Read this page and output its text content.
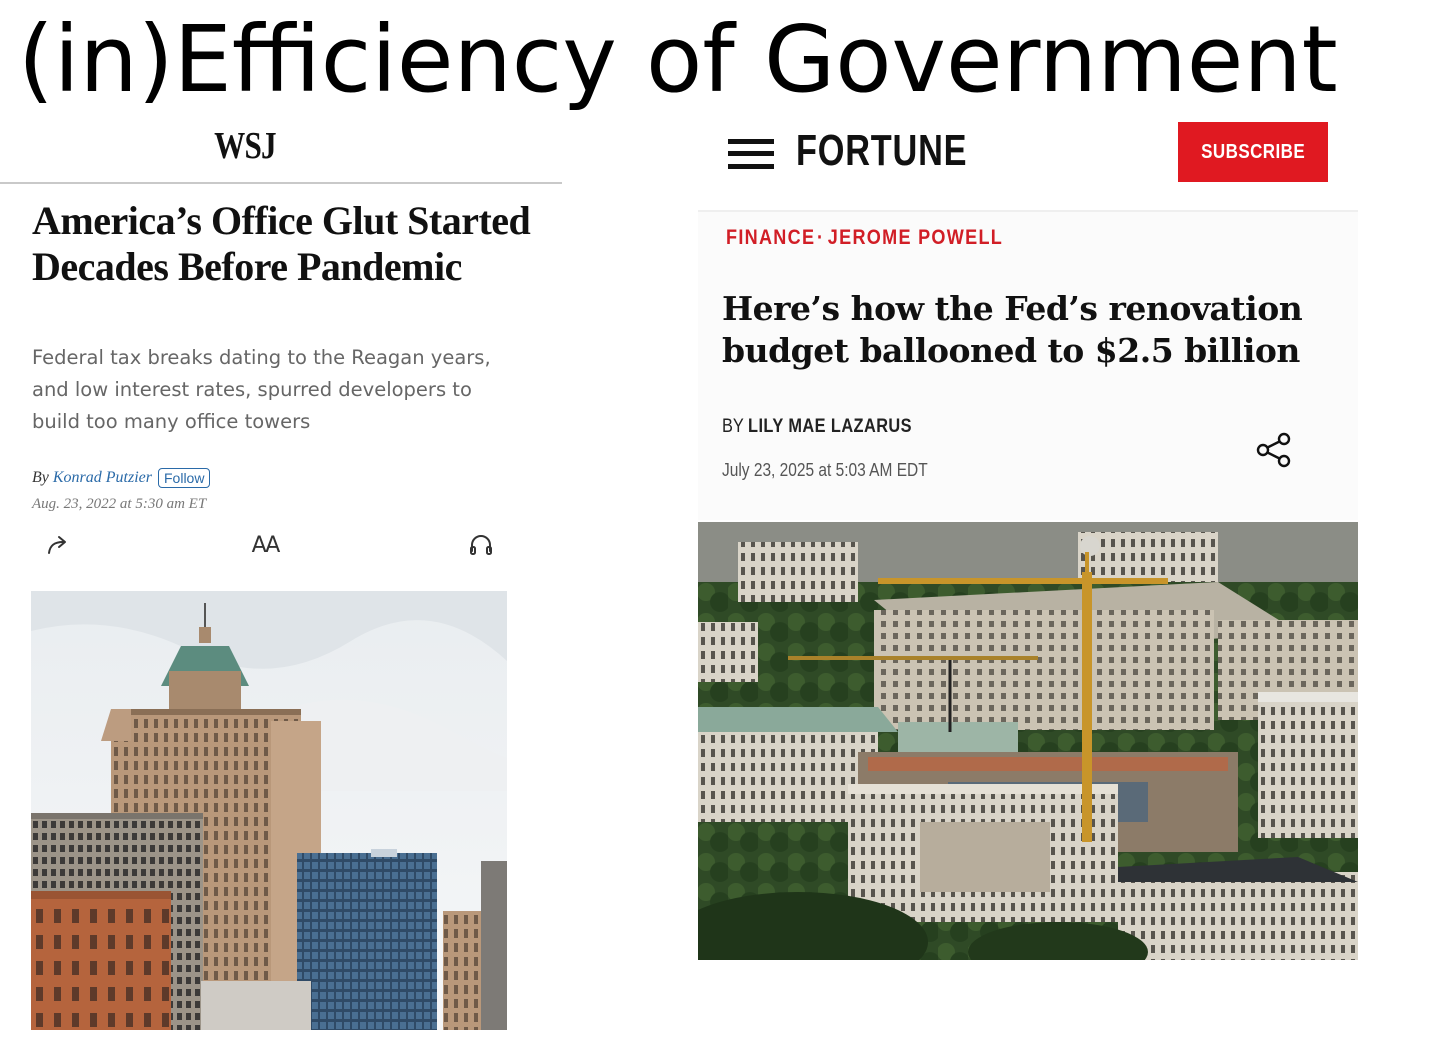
(in)Efficiency of Government
WSJ
America’s Office Glut Started Decades Before Pandemic

Federal tax breaks dating to the Reagan years, and low interest rates, spurred developers to build too many office towers

By Konrad Putzier Follow
Aug. 23, 2022 at 5:30 am ET
AA
FORTUNE	SUBSCRIBE
FINANCE · JEROME POWELL
Here’s how the Fed’s renovation budget ballooned to $2.5 billion
BY LILY MAE LAZARUS
July 23, 2025 at 5:03 AM EDT
